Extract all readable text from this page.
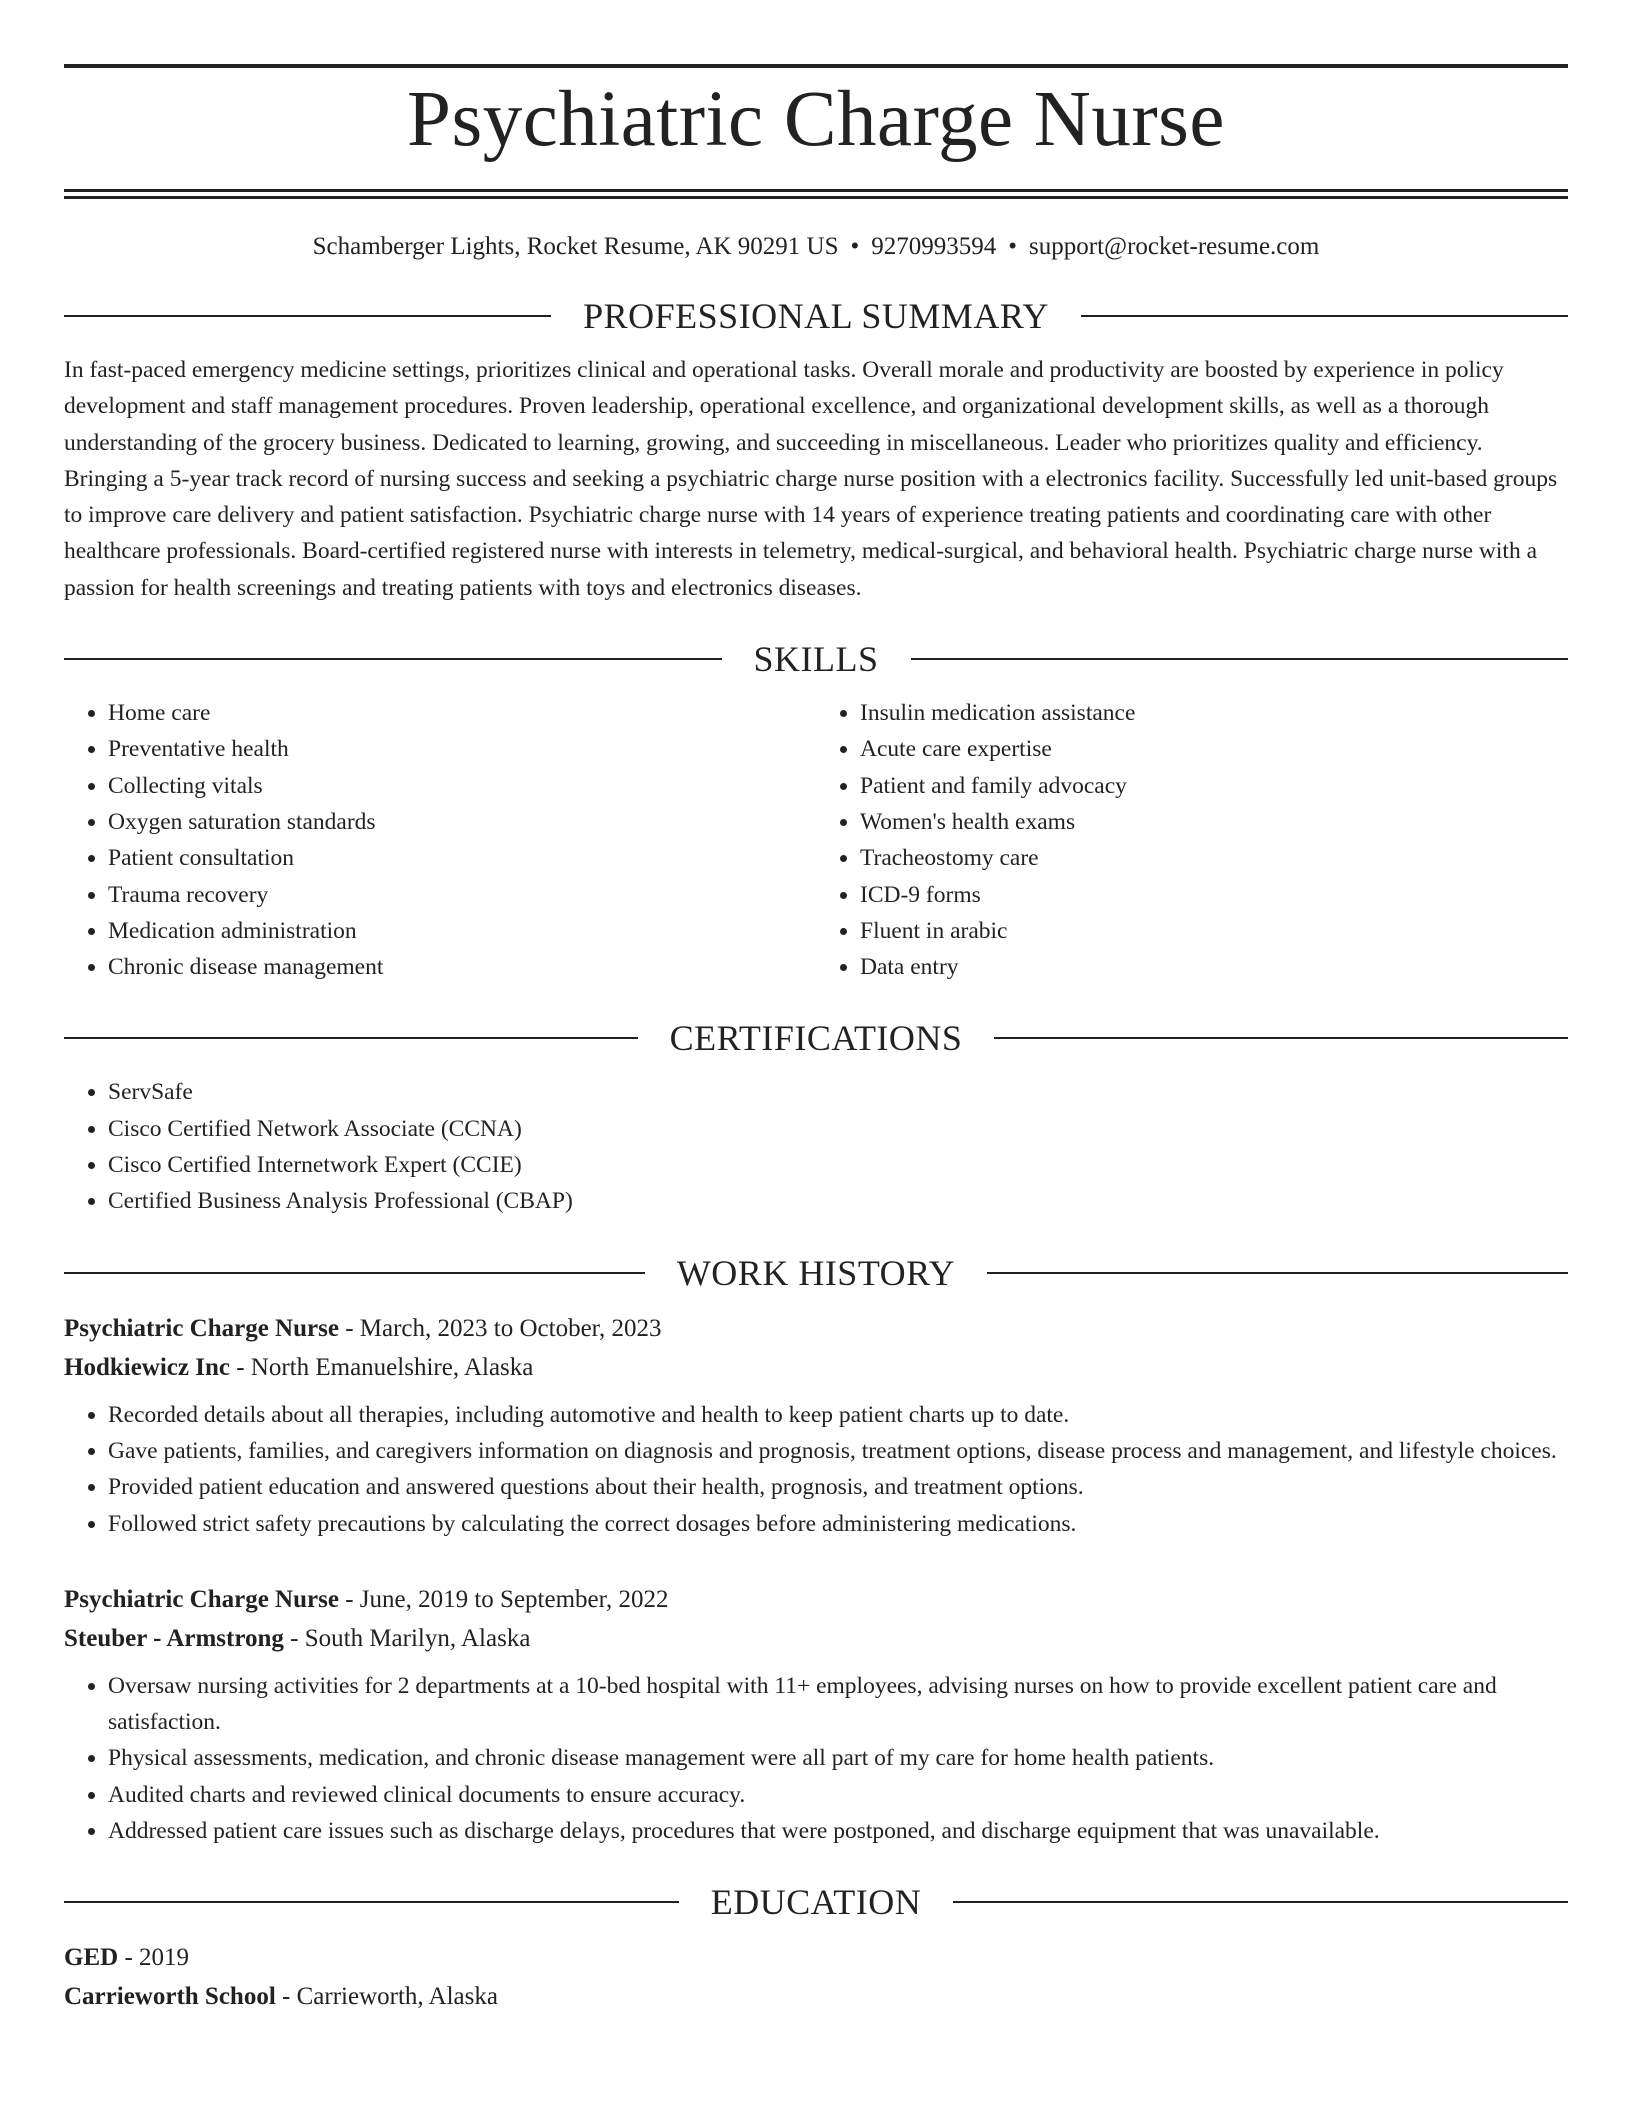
Psychiatric Charge Nurse
Schamberger Lights, Rocket Resume, AK 90291 US • 9270993594 • support@rocket-resume.com
PROFESSIONAL SUMMARY

In fast-paced emergency medicine settings, prioritizes clinical and operational tasks. Overall morale and productivity are boosted by experience in policy development and staff management procedures. Proven leadership, operational excellence, and organizational development skills, as well as a thorough understanding of the grocery business. Dedicated to learning, growing, and succeeding in miscellaneous. Leader who prioritizes quality and efficiency. Bringing a 5-year track record of nursing success and seeking a psychiatric charge nurse position with a electronics facility. Successfully led unit-based groups to improve care delivery and patient satisfaction. Psychiatric charge nurse with 14 years of experience treating patients and coordinating care with other healthcare professionals. Board-certified registered nurse with interests in telemetry, medical-surgical, and behavioral health. Psychiatric charge nurse with a passion for health screenings and treating patients with toys and electronics diseases.

SKILLS
• Home care
• Preventative health
• Collecting vitals
• Oxygen saturation standards
• Patient consultation
• Trauma recovery
• Medication administration
• Chronic disease management
• Insulin medication assistance
• Acute care expertise
• Patient and family advocacy
• Women's health exams
• Tracheostomy care
• ICD-9 forms
• Fluent in arabic
• Data entry
CERTIFICATIONS
• ServSafe
• Cisco Certified Network Associate (CCNA)
• Cisco Certified Internetwork Expert (CCIE)
• Certified Business Analysis Professional (CBAP)
WORK HISTORY

Psychiatric Charge Nurse - March, 2023 to October, 2023

Hodkiewicz Inc - North Emanuelshire, Alaska

• Recorded details about all therapies, including automotive and health to keep patient charts up to date.
• Gave patients, families, and caregivers information on diagnosis and prognosis, treatment options, disease process and management, and lifestyle choices.
• Provided patient education and answered questions about their health, prognosis, and treatment options.
• Followed strict safety precautions by calculating the correct dosages before administering medications.

Psychiatric Charge Nurse - June, 2019 to September, 2022

Steuber - Armstrong - South Marilyn, Alaska

• Oversaw nursing activities for 2 departments at a 10-bed hospital with 11+ employees, advising nurses on how to provide excellent patient care and satisfaction.
• Physical assessments, medication, and chronic disease management were all part of my care for home health patients.
• Audited charts and reviewed clinical documents to ensure accuracy.
• Addressed patient care issues such as discharge delays, procedures that were postponed, and discharge equipment that was unavailable.
EDUCATION

GED - 2019

Carrieworth School - Carrieworth, Alaska
